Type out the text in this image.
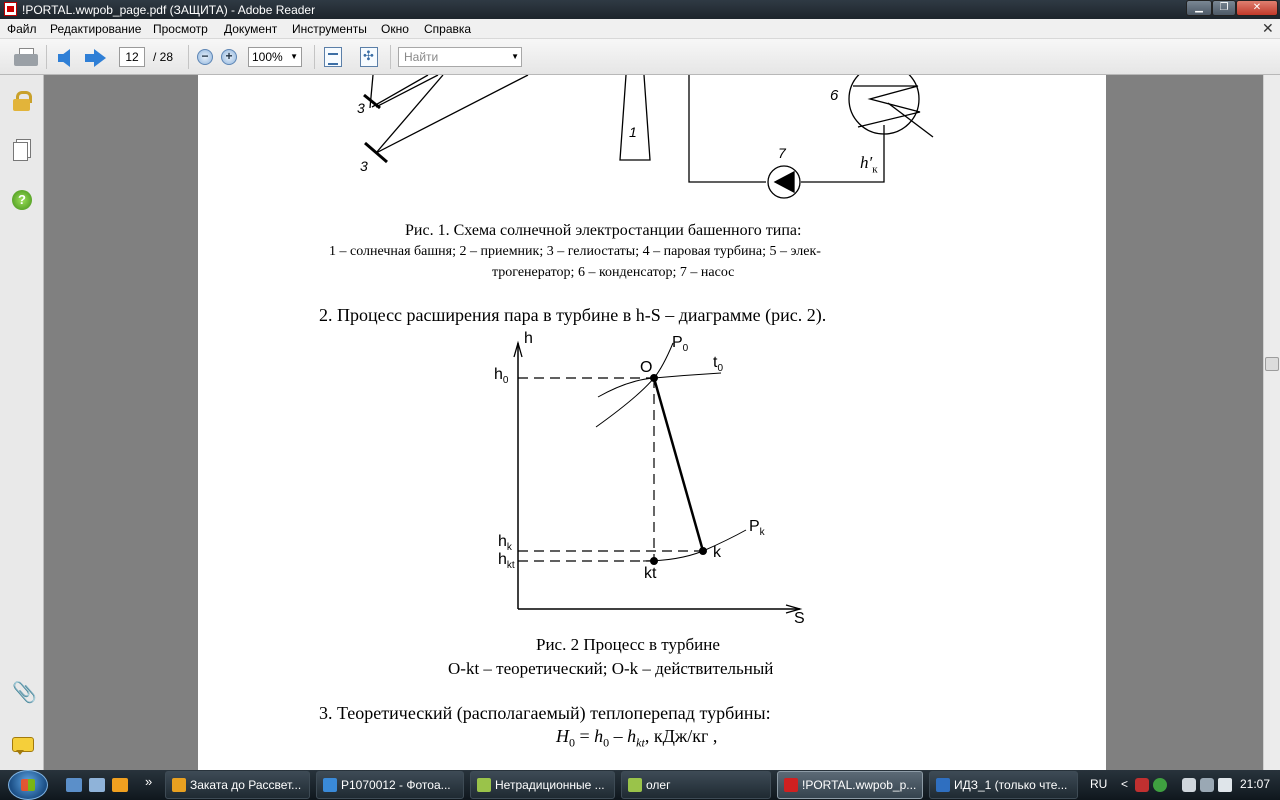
!PORTAL.wwpob_page.pdf (ЗАЩИТА) - Adobe Reader	▁	❐	✕
Файл Редактирование Просмотр Документ Инструменты Окно Справка	✕
12	/ 28	−	+	100% ▼
✣	Найти	▼
?
📎
3
3
1
6
7	$h'_к$
Рис. 1. Схема солнечной электростанции башенного типа:
1 – солнечная башня; 2 – приемник; 3 – гелиостаты; 4 – паровая турбина; 5 – элек-
трогенератор; 6 – конденсатор; 7 – насос
2. Процесс расширения пара в турбине в h-S – диаграмме (рис. 2).
h
S
$P_0$
$t_0$
O
$h_0$
$h_k$
$h_{kt}$
$P_k$
k
kt
Рис. 2 Процесс в турбине
O-kt – теоретический; O-k – действительный
3. Теоретический (располагаемый) теплоперепад турбины:
$H_0 = h_0 - h_{kt}$, кДж/кг ,
»	Заката до Рассвет...	P1070012 - Фотоа...	Нетрадиционные ...	олег	!PORTAL.wwpob_p...	ИДЗ_1 (только чте...	RU <	21:07
